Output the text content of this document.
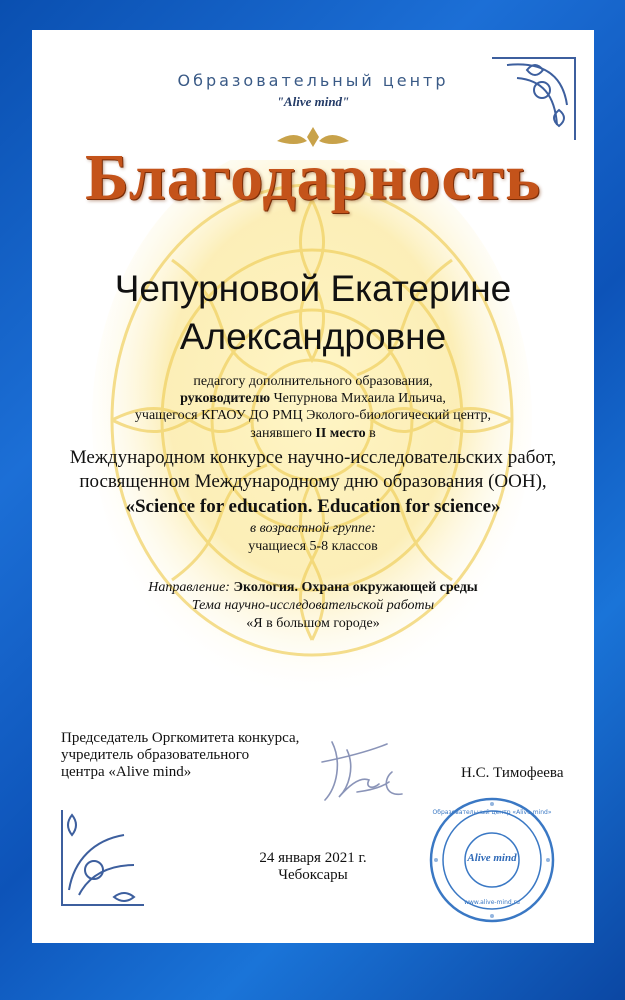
Образовательный центр
"Alive mind"
Благодарность
Чепурновой Екатерине
Александровне
педагогу дополнительного образования,
руководителю Чепурнова Михаила Ильича,
учащегося КГАОУ ДО РМЦ Эколого-биологический центр,
занявшего II место в
Международном конкурсе научно-исследовательских работ,
посвященном Международному дню образования (ООН),
«Science for education. Education for science»
в возрастной группе:
учащиеся 5-8 классов
Направление: Экология. Охрана окружающей среды
Тема научно-исследовательской работы
«Я в большом городе»
Председатель Оргкомитета конкурса,
учредитель образовательного
центра «Alive mind»	Н.С. Тимофеева
24 января 2021 г.
Чебоксары
Образовательный центр «Alive mind»
Alive mind
www.alive-mind.ru
